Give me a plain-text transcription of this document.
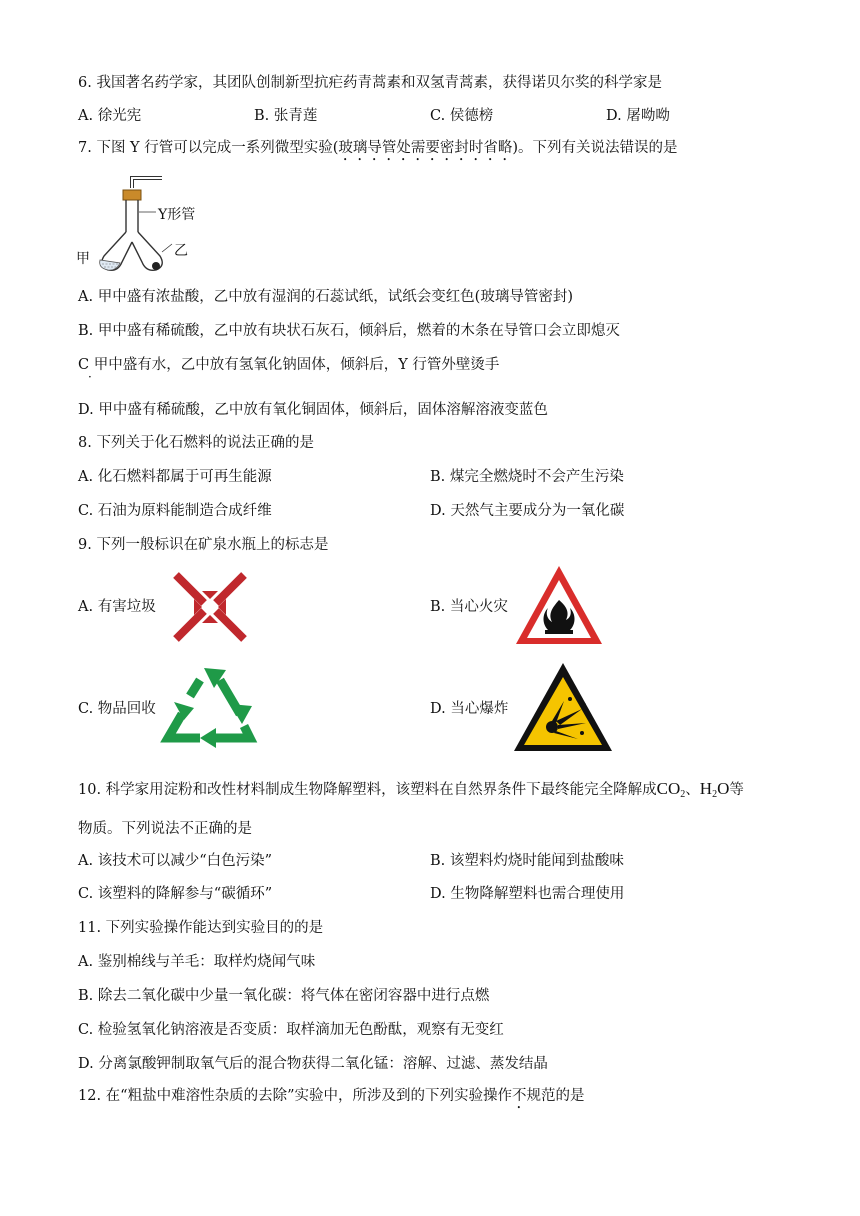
6. 我国著名药学家，其团队创制新型抗疟药青蒿素和双氢青蒿素，获得诺贝尔奖的科学家是
A. 徐光宪	B. 张青莲	C. 侯德榜	D. 屠呦呦
7. 下图 Y 行管可以完成一系列微型实验(玻璃导管处需要密封时省略)。下列有关说法错误的是
Y形管
甲	乙
A. 甲中盛有浓盐酸，乙中放有湿润的石蕊试纸，试纸会变红色(玻璃导管密封)
B. 甲中盛有稀硫酸，乙中放有块状石灰石，倾斜后，燃着的木条在导管口会立即熄灭
C 甲中盛有水，乙中放有氢氧化钠固体，倾斜后，Y 行管外壁烫手
·
D. 甲中盛有稀硫酸，乙中放有氧化铜固体，倾斜后，固体溶解溶液变蓝色
8. 下列关于化石燃料的说法正确的是
A. 化石燃料都属于可再生能源	B. 煤完全燃烧时不会产生污染
C. 石油为原料能制造合成纤维	D. 天然气主要成分为一氧化碳
9. 下列一般标识在矿泉水瓶上的标志是
A. 有害垃圾	B. 当心火灾
C. 物品回收	D. 当心爆炸
10. 科学家用淀粉和改性材料制成生物降解塑料，该塑料在自然界条件下最终能完全降解成$CO_2$、$H_2O$等
物质。下列说法不正确的是
A. 该技术可以减少“白色污染”	B. 该塑料灼烧时能闻到盐酸味
C. 该塑料的降解参与“碳循环”	D. 生物降解塑料也需合理使用
11. 下列实验操作能达到实验目的的是
A. 鉴别棉线与羊毛：取样灼烧闻气味
B. 除去二氧化碳中少量一氧化碳：将气体在密闭容器中进行点燃
C. 检验氢氧化钠溶液是否变质：取样滴加无色酚酞，观察有无变红
D. 分离氯酸钾制取氧气后的混合物获得二氧化锰：溶解、过滤、蒸发结晶
12. 在“粗盐中难溶性杂质的去除”实验中，所涉及到的下列实验操作不规范的是
